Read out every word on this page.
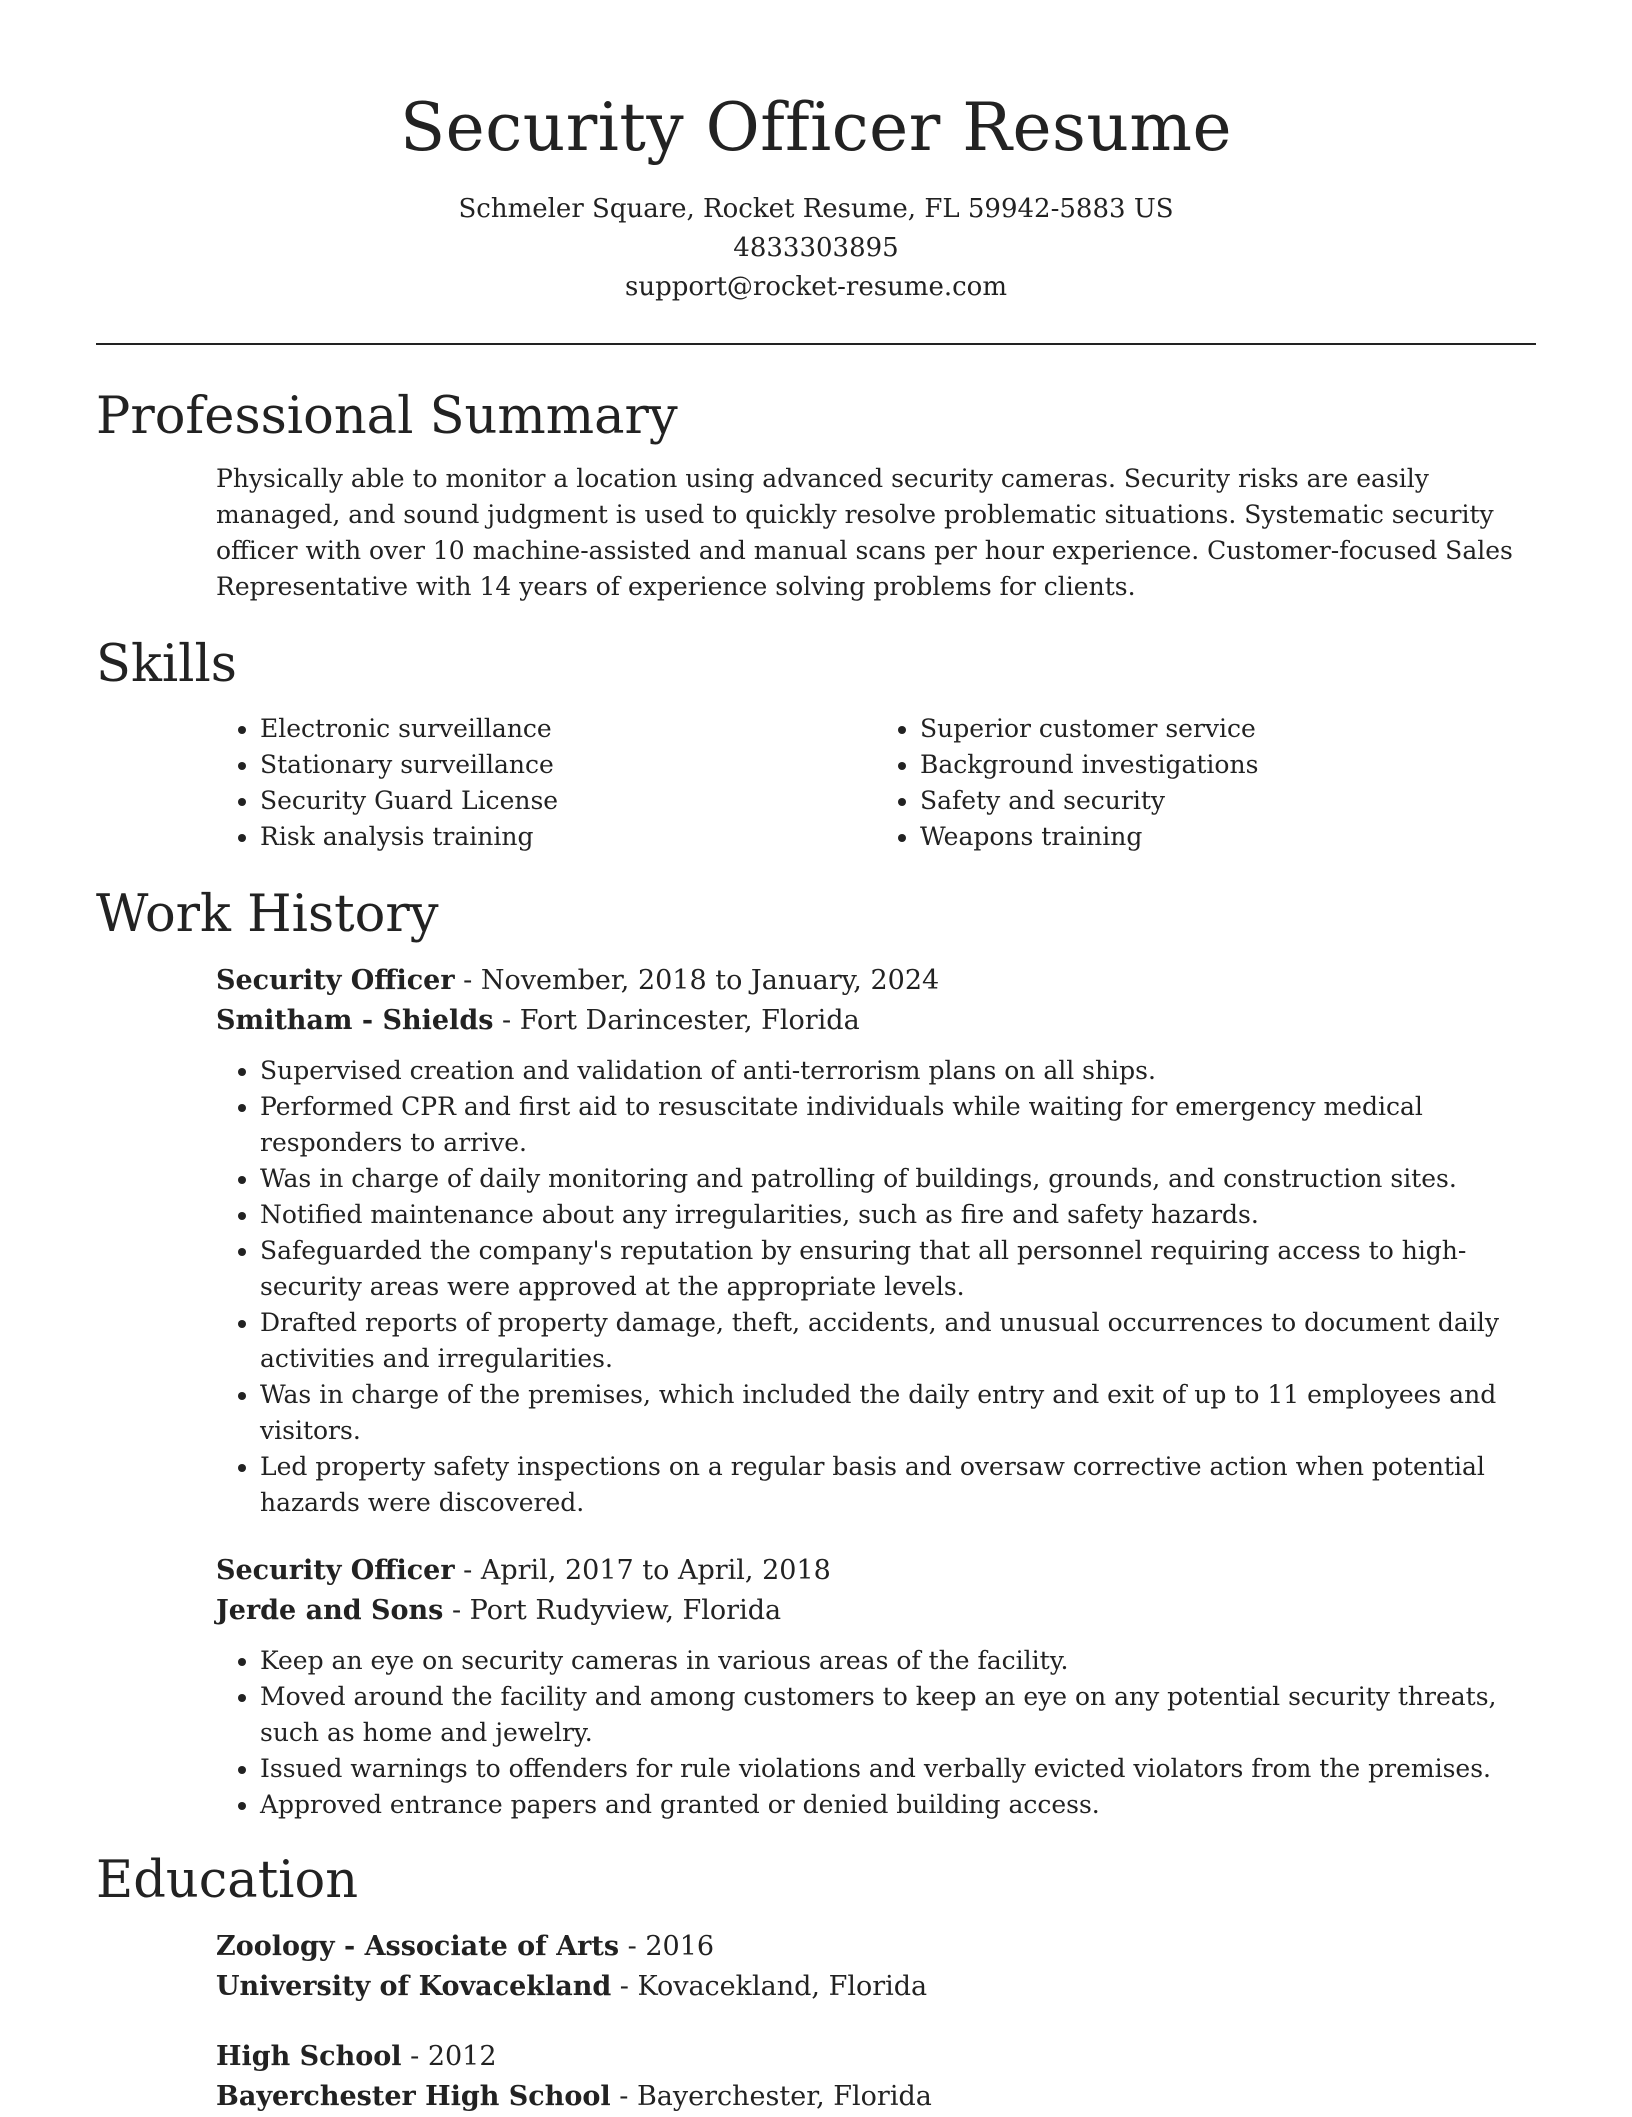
Security Officer Resume
Schmeler Square, Rocket Resume, FL 59942-5883 US
4833303895
support@rocket-resume.com
Professional Summary
Physically able to monitor a location using advanced security cameras. Security risks are easily managed, and sound judgment is used to quickly resolve problematic situations. Systematic security officer with over 10 machine-assisted and manual scans per hour experience. Customer-focused Sales Representative with 14 years of experience solving problems for clients.
Skills
• Electronic surveillance
• Stationary surveillance
• Security Guard License
• Risk analysis training
• Superior customer service
• Background investigations
• Safety and security
• Weapons training
Work History
Security Officer - November, 2018 to January, 2024
Smitham - Shields - Fort Darincester, Florida
• Supervised creation and validation of anti-terrorism plans on all ships.
• Performed CPR and first aid to resuscitate individuals while waiting for emergency medical responders to arrive.
• Was in charge of daily monitoring and patrolling of buildings, grounds, and construction sites.
• Notified maintenance about any irregularities, such as fire and safety hazards.
• Safeguarded the company's reputation by ensuring that all personnel requiring access to high-security areas were approved at the appropriate levels.
• Drafted reports of property damage, theft, accidents, and unusual occurrences to document daily activities and irregularities.
• Was in charge of the premises, which included the daily entry and exit of up to 11 employees and visitors.
• Led property safety inspections on a regular basis and oversaw corrective action when potential hazards were discovered.
Security Officer - April, 2017 to April, 2018
Jerde and Sons - Port Rudyview, Florida
• Keep an eye on security cameras in various areas of the facility.
• Moved around the facility and among customers to keep an eye on any potential security threats, such as home and jewelry.
• Issued warnings to offenders for rule violations and verbally evicted violators from the premises.
• Approved entrance papers and granted or denied building access.
Education
Zoology - Associate of Arts - 2016
University of Kovacekland - Kovacekland, Florida
High School - 2012
Bayerchester High School - Bayerchester, Florida
